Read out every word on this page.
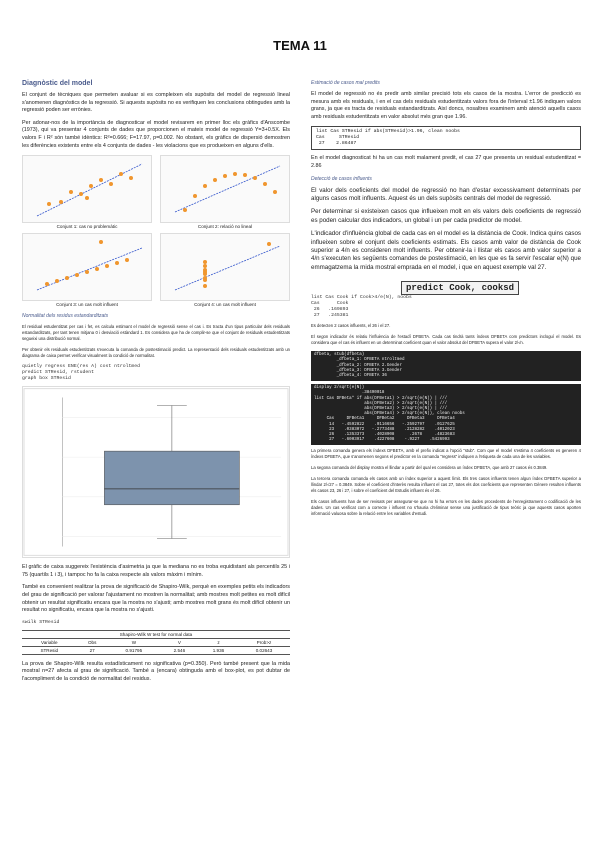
TEMA 11
Diagnòstic del model

El conjunt de tècniques que permeten avaluar si es compleixen els supòsits del model de regressió lineal s'anomenen diagnòstics de la regressió. Si aquests supòsits no es verifiquen les conclusions obtingudes amb la regressió poden ser errònies.

Per adonar-nos de la importància de diagnosticar el model revisarem en primer lloc els gràfics d'Anscombe (1973), qui va presentar 4 conjunts de dades que proporcionen el mateix model de regressió Y=3+0.5X. Els valors F i R² són també idèntics: R²=0.666; F=17.97, p=0.002. No obstant, els gràfics de dispersió demostren les diferències existents entre els 4 conjunts de dades - les violacions que es produeixen en alguns d'ells.

Conjunt 1: cas no problemàtic	Conjunt 2: relació no lineal
Conjunt 3: un cas molt influent	Conjunt 4: un cas molt influent
Normalitat dels residus estandarditzats

El residual estudentitzat per cas i fet, es calcula estimant el model de regressió sense el cas i. Es tracta d'un tipus particular dels residuals estandarditzats, per tant tenen mitjana 0 i desviació estàndard 1. Es considera que ha de complir-se que el conjunt de residuals estudentitzats segueixi una distribució normal.

Per obtenir els residuals estudentitzats s'executa la comanda de postestimació predict. La representació dels residuals estudentitzats amb un diagrama de caixa permet verificar visualment la condició de normalitat.

quietly regress ENE(res A) cost ntroltmed
predict STResid, rstudent
graph box STResid

El gràfic de caixa suggereix l'existència d'asimetria ja que la mediana no es troba equidistant als percentils 25 i 75 (quartils 1 i 3), i tampoc ho fa la caixa respecte als valors màxim i mínim.

També es convenient realitzar la prova de significació de Shapiro-Wilk, perquè en exemples petits els indicadors del grau de significació per valorar l'ajustament no mostren la normalitat; amb mostres molt petites es molt difícil obtenir un resultat significatiu encara que la mostra no s'ajusti; amb mostres molt grans és molt difícil obtenir un resultat no significatiu, encara que la mostra no s'ajusti.

swilk STResid
Shapiro-Wilk W test for normal data					
Variable	Obs	W	V	z	Prob>z
STResid	27	0.91795	2.546	1.936	0.02643

La prova de Shapiro-Wilk resulta estadísticament no significativa (p=0.350). Però també present que la mida mostral n=27 afecta al grau de significació. També a (encara) obtinguda amb el box-plot, es pot dubtar de l'acompliment de la condició de normalitat del residus.

Estimació de casos mal predits

El model de regressió no és predir amb similar precisió tots els casos de la mostra. L'error de predicció es mesura amb els residuals, i en el cas dels residuals estudentitzats valors fora de l'interval ±1.96 indiquen valors grans, ja que es tracta de residuals estandarditzats. Així doncs, nosaltres examinem amb atenció aquells casos amb residuals estudentitzats en valor absolut més gran que 1.96.

list Cas STResid if abs(STResid)>1.96, clean noobs
Cas     STResid
27    2.86487

En el model diagnosticat hi ha un cas molt malament predit, el cas 27 que presenta un residual estudentitzat = 2.86

Detecció de casos influents

El valor dels coeficients del model de regressió no han d'estar excessivament determinats per alguns casos molt influents. Aquest és un dels supòsits centrals del model de regressió.

Per determinar si existeixen casos que influeixen molt en els valors dels coeficients de regressió es poden calcular dos indicadors, un global i un per cada predictor de model.

L'indicador d'influència global de cada cas en el model es la distància de Cook. Indica quins casos influeixen sobre el conjunt dels coeficients estimats. Els casos amb valor de distància de Cook superior a 4/n es consideren molt influents. Per obtenir-la i llistar els casos amb valor superior a 4/n s'executen les següents comandes de postestimació, en les que es fa servir l'escalar e(N) que emmagatzema la mida mostral emprada en el model, i que en aquest exemple val 27.

predict Cook, cooksd
list Cas Cook if Cook>4/e(N), noobs
Cas      Cook
26   .169893
27   .245381

Es detecten 2 casos influents, el 26 i el 27.

El segon indicador és relatiu l'influència de l'estadí DFBETA. Cada cas tindrà tants índexs DFBETA com predictors incloguí el model. Es considera que el cas és influent en un determinat coeficient quan el valor absolut del DFBETA supera el valor 2/√n.

dfbeta, stub(dfbeta)
_dfbeta_1: DFBETA ntroltmed
_dfbeta_2: DFBETA 2.Gender
_dfbeta_3: DFBETA 3.Gender
_dfbeta_4: DFBETA 36
display 2/sqrt(e(N))
.38490018
list Cas DFBeta* if abs(DFBeta1) > 2/sqrt(e(N)) | ///
abs(DFBeta2) > 2/sqrt(e(N)) | ///
abs(DFBeta3) > 2/sqrt(e(N)) | ///
abs(DFBeta4) > 2/sqrt(e(N)), clean noobs
Cas     DFBeta1     DFBeta2     DFBeta3     DFBeta4
14   -.4592822    .0116656   -.2592797    .0127625
23    .0383072   -.2773488    .2128282    .4012023
26    .1353373    .4028908      .2678     .4823683
27   -.6003917    .4227608    -.9227    .5426993

La primera comanda genera els índexs DFBETA, amb el prefix indicat a l'opció "stub". Com que el model s'estima 4 coeficients es generen 4 índexs DFBETA, que s'anomenen segons el predictor en la comanda "regress" indiquen a l'etiqueta de cada una de les variables.

La segona comanda del display mostra el llindar a partir del qual es considera un índex DFBETA, que amb 27 casos és 0.3849.

La tercera comanda comanda els casos amb un índex superior a aquest límit. Els tres casos influents tenen algun índex DFBETA superior a llindar 2/√27 = 0.3849. Sobre el coeficient d'interès resulta influent el cas 27, totes els dos coeficients que representen Gènere resulten influents els casos 23, 26 i 27, i sobre el coeficient del Estudis influent és el 26.

Els casos influents han de ser revisats per assegurar-se que no hi ha errors en les dades procedents de l'enregistrament o codificació de les dades. Un cas verificat com a correcte i influent no s'hauria d'eliminar sense una justificació de tipus teòric ja que aquests casos aporten informació valuosa sobre la relació entre les variables d'estudi.
